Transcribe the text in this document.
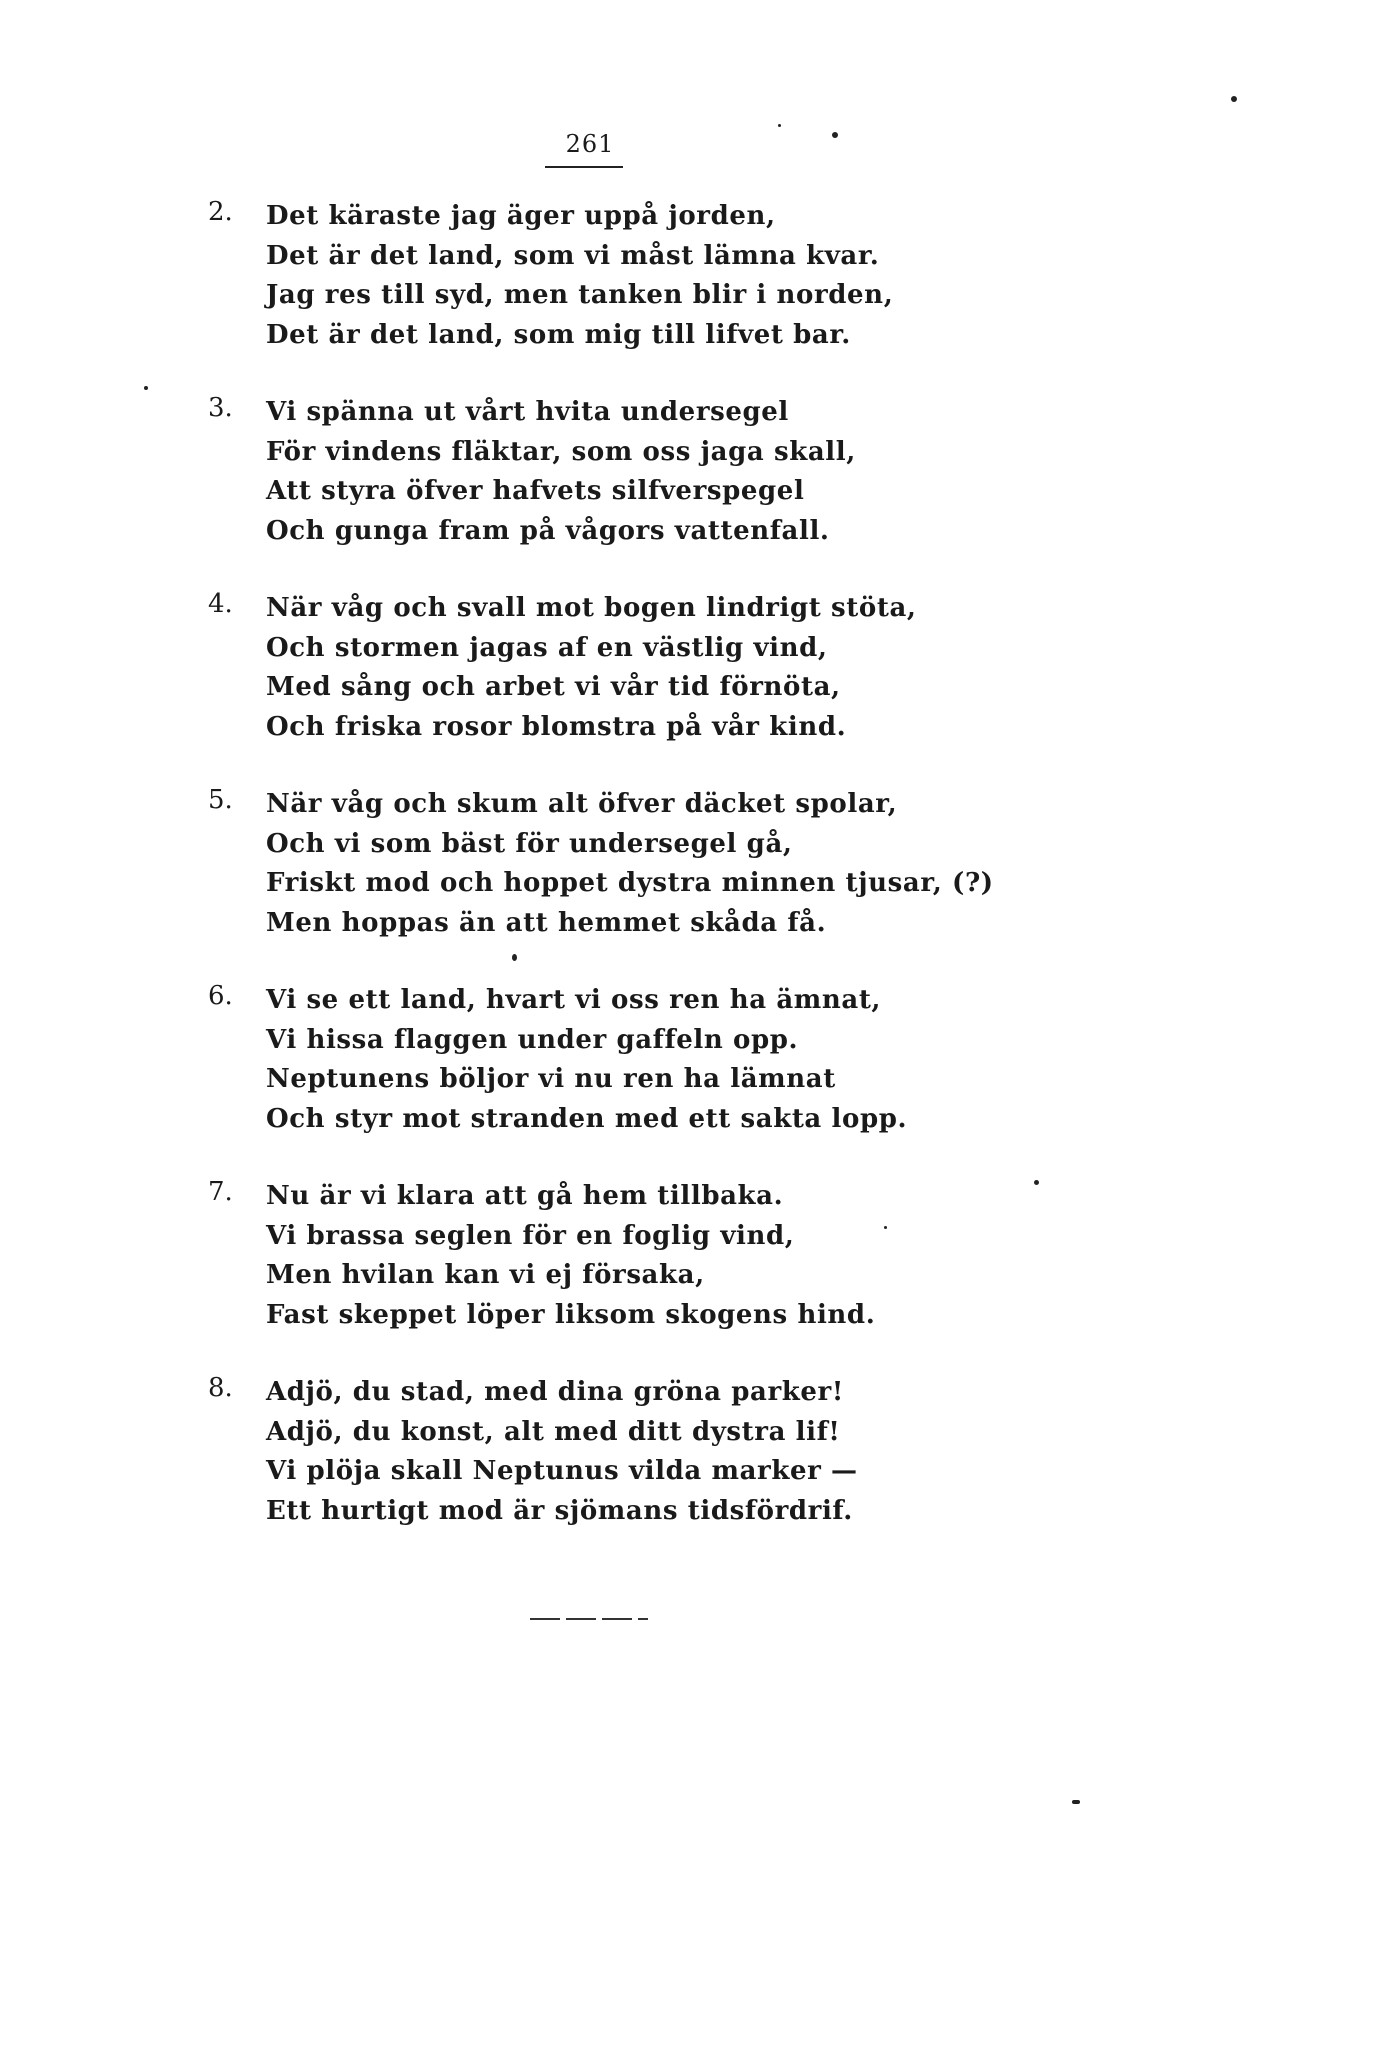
261
2.	Det käraste jag äger uppå jorden,
Det är det land, som vi måst lämna kvar.
Jag res till syd, men tanken blir i norden,
Det är det land, som mig till lifvet bar.
3.	Vi spänna ut vårt hvita undersegel
För vindens fläktar, som oss jaga skall,
Att styra öfver hafvets silfverspegel
Och gunga fram på vågors vattenfall.
4.	När våg och svall mot bogen lindrigt stöta,
Och stormen jagas af en västlig vind,
Med sång och arbet vi vår tid förnöta,
Och friska rosor blomstra på vår kind.
5.	När våg och skum alt öfver däcket spolar,
Och vi som bäst för undersegel gå,
Friskt mod och hoppet dystra minnen tjusar, (?)
Men hoppas än att hemmet skåda få.
6.	Vi se ett land, hvart vi oss ren ha ämnat,
Vi hissa flaggen under gaffeln opp.
Neptunens böljor vi nu ren ha lämnat
Och styr mot stranden med ett sakta lopp.
7.	Nu är vi klara att gå hem tillbaka.
Vi brassa seglen för en foglig vind,
Men hvilan kan vi ej försaka,
Fast skeppet löper liksom skogens hind.
8.	Adjö, du stad, med dina gröna parker!
Adjö, du konst, alt med ditt dystra lif!
Vi plöja skall Neptunus vilda marker —
Ett hurtigt mod är sjömans tidsfördrif.
